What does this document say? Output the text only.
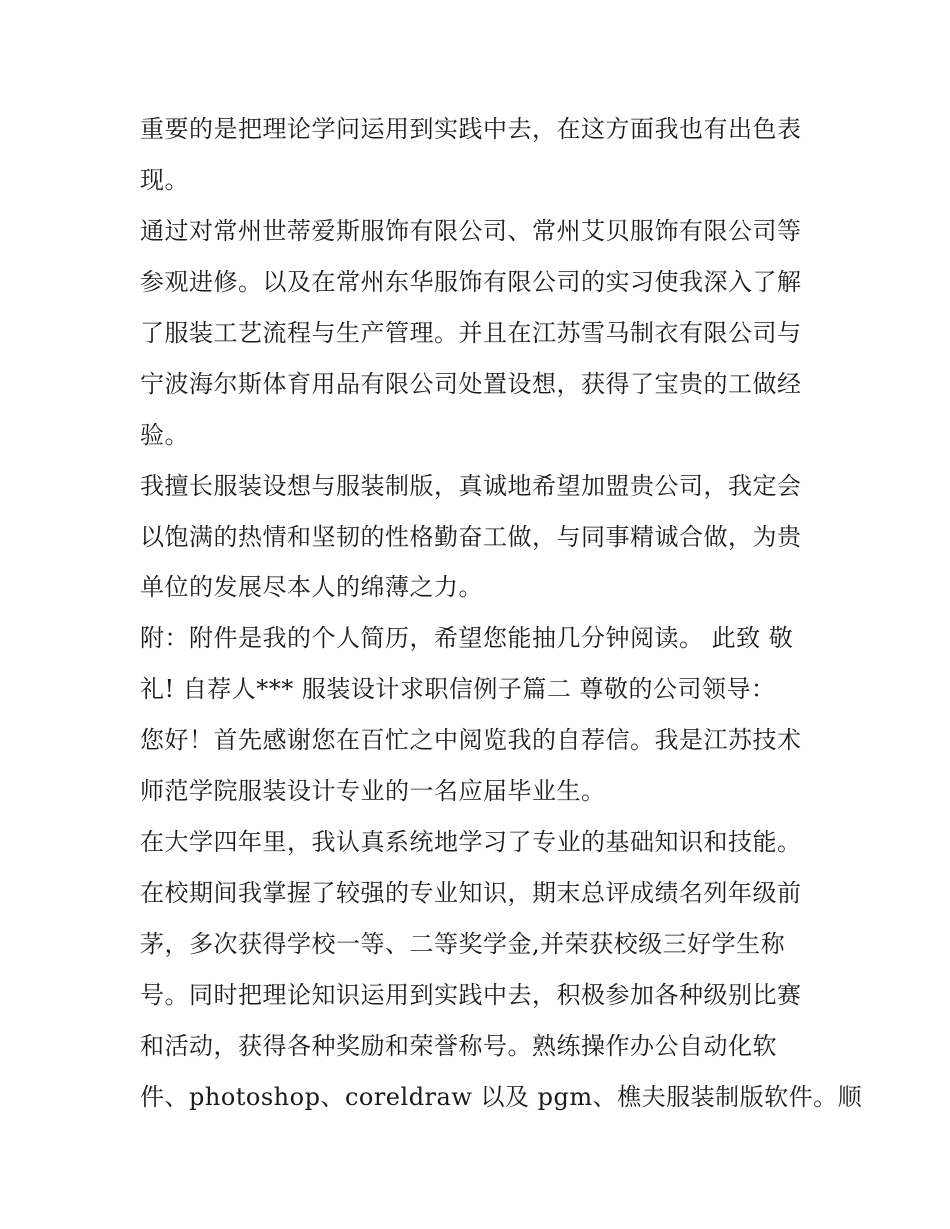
重要的是把理论学问运用到实践中去，在这方面我也有出色表
现。
通过对常州世蒂爱斯服饰有限公司、常州艾贝服饰有限公司等
参观进修。以及在常州东华服饰有限公司的实习使我深入了解
了服装工艺流程与生产管理。并且在江苏雪马制衣有限公司与
宁波海尔斯体育用品有限公司处置设想，获得了宝贵的工做经
验。
我擅长服装设想与服装制版，真诚地希望加盟贵公司，我定会
以饱满的热情和坚韧的性格勤奋工做，与同事精诚合做，为贵
单位的发展尽本人的绵薄之力。
附：附件是我的个人简历，希望您能抽几分钟阅读。 此致 敬
礼! 自荐人*** 服装设计求职信例子篇二 尊敬的公司领导：
您好！首先感谢您在百忙之中阅览我的自荐信。我是江苏技术
师范学院服装设计专业的一名应届毕业生。
在大学四年里，我认真系统地学习了专业的基础知识和技能。
在校期间我掌握了较强的专业知识，期末总评成绩名列年级前
茅，多次获得学校一等、二等奖学金,并荣获校级三好学生称
号。同时把理论知识运用到实践中去，积极参加各种级别比赛
和活动，获得各种奖励和荣誉称号。熟练操作办公自动化软
件、photoshop、coreldraw 以及 pgm、樵夫服装制版软件。顺
